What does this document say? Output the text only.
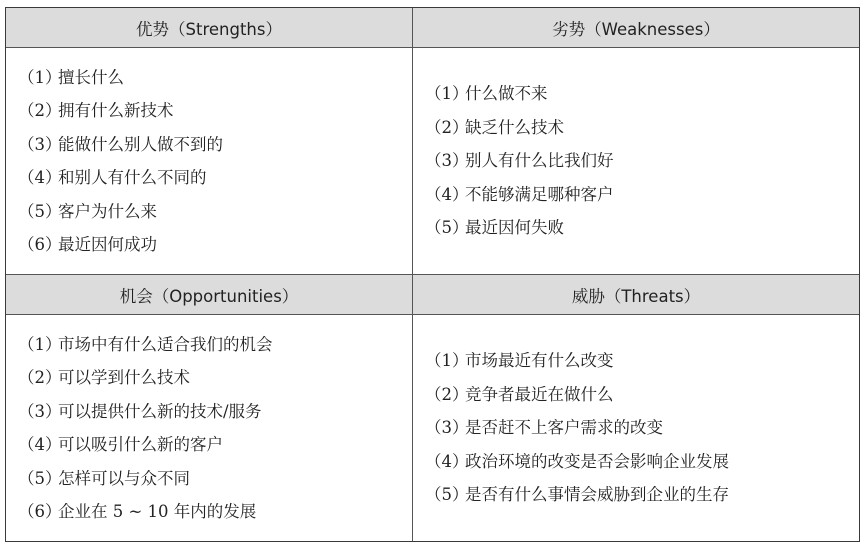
优势（Strengths）	劣势（Weaknesses）
（1）擅长什么
（2）拥有什么新技术
（3）能做什么别人做不到的
（4）和别人有什么不同的
（5）客户为什么来
（6）最近因何成功
（1）什么做不来
（2）缺乏什么技术
（3）别人有什么比我们好
（4）不能够满足哪种客户
（5）最近因何失败
机会（Opportunities）	威胁（Threats）
（1）市场中有什么适合我们的机会
（2）可以学到什么技术
（3）可以提供什么新的技术/服务
（4）可以吸引什么新的客户
（5）怎样可以与众不同
（6）企业在 5 ~ 10 年内的发展
（1）市场最近有什么改变
（2）竞争者最近在做什么
（3）是否赶不上客户需求的改变
（4）政治环境的改变是否会影响企业发展
（5）是否有什么事情会威胁到企业的生存
